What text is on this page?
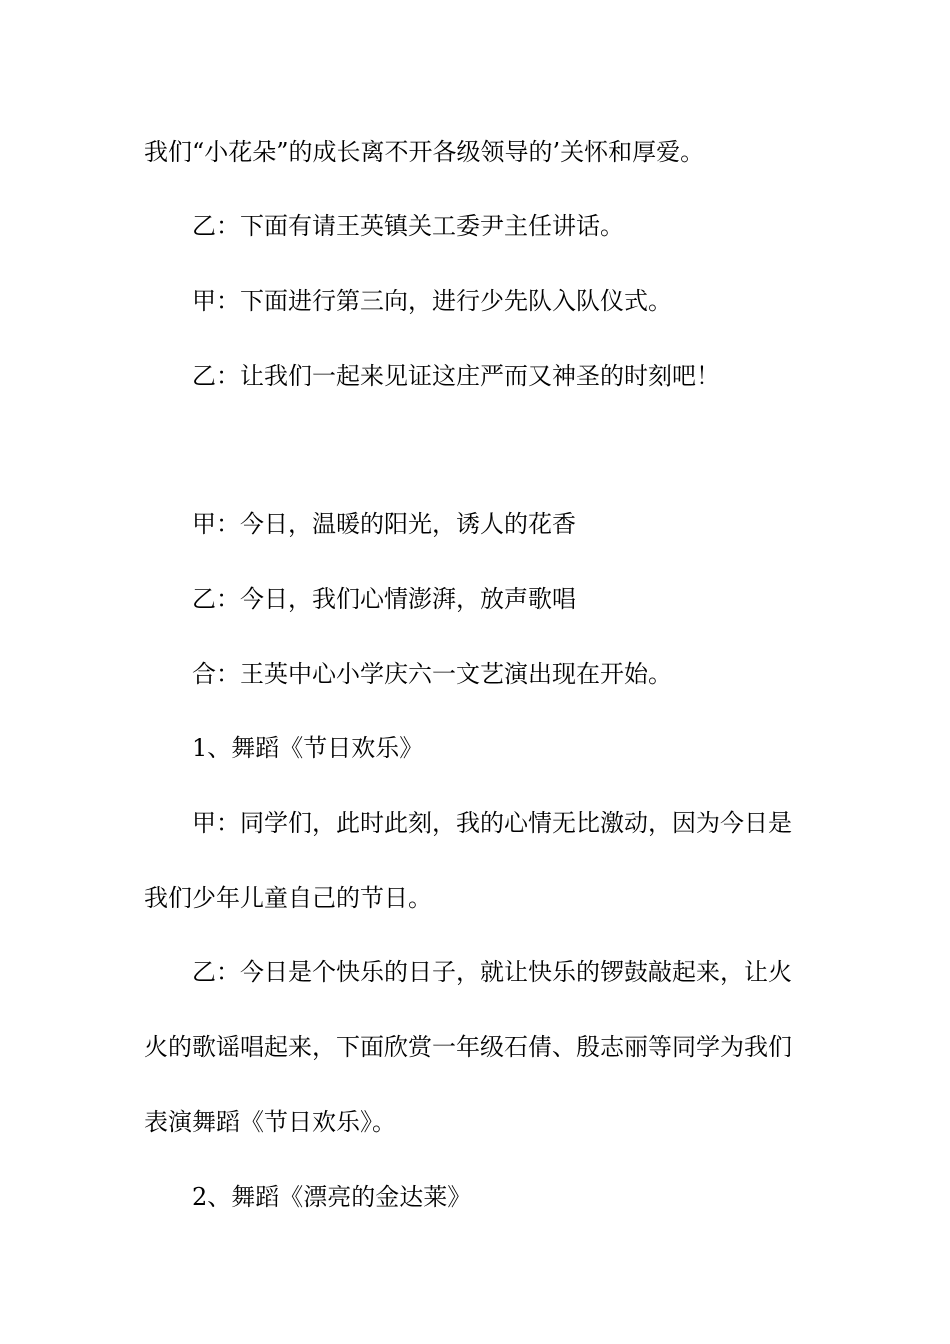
我们“小花朵”的成长离不开各级领导的’关怀和厚爱。
乙：下面有请王英镇关工委尹主任讲话。
甲：下面进行第三向，进行少先队入队仪式。
乙：让我们一起来见证这庄严而又神圣的时刻吧！
甲：今日，温暖的阳光，诱人的花香
乙：今日，我们心情澎湃，放声歌唱
合：王英中心小学庆六一文艺演出现在开始。
1、舞蹈《节日欢乐》
甲：同学们，此时此刻，我的心情无比激动，因为今日是
我们少年儿童自己的节日。
乙：今日是个快乐的日子，就让快乐的锣鼓敲起来，让火
火的歌谣唱起来，下面欣赏一年级石倩、殷志丽等同学为我们
表演舞蹈《节日欢乐》。
2、舞蹈《漂亮的金达莱》
